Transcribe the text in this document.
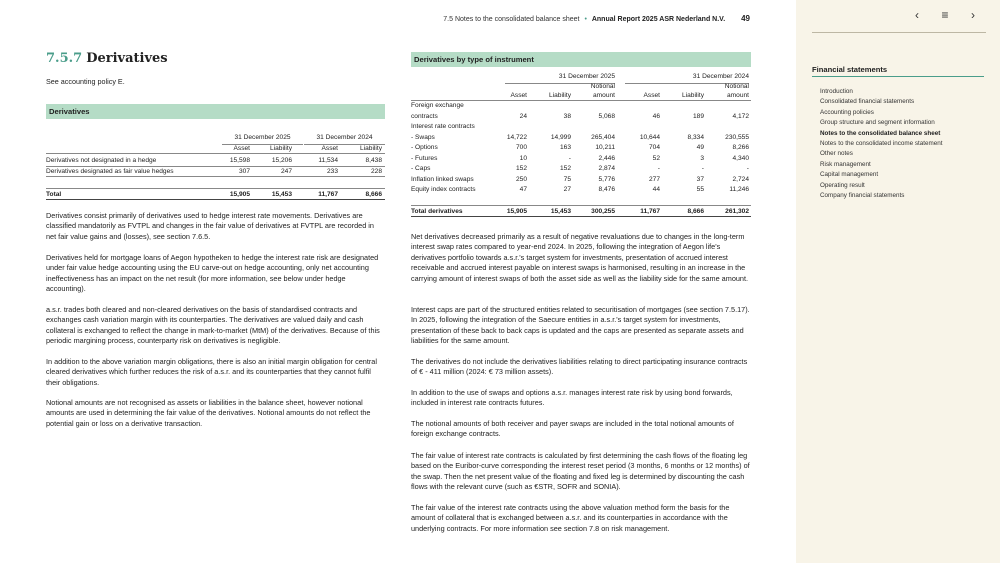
7.5 Notes to the consolidated balance sheet • Annual Report 2025 ASR Nederland N.V. 49
7.5.7 Derivatives
See accounting policy E.
Derivatives
31 December 2025	31 December 2024
Asset	Liability	Asset	Liability
Derivatives not designated in a hedge	15,598	15,206	11,534	8,438
Derivatives designated as fair value hedges	307	247	233	228
Total	15,905	15,453	11,767	8,666
Derivatives consist primarily of derivatives used to hedge interest rate movements. Derivatives are classified mandatorily as FVTPL and changes in the fair value of derivatives at FVTPL are recorded in net fair value gains and (losses), see section 7.6.5.
Derivatives held for mortgage loans of Aegon hypotheken to hedge the interest rate risk are designated under fair value hedge accounting using the EU carve-out on hedge accounting, only net accounting ineffectiveness has an impact on the net result (for more information, see below under hedge accounting).
a.s.r. trades both cleared and non-cleared derivatives on the basis of standardised contracts and exchanges cash variation margin with its counterparties. The derivatives are valued daily and cash collateral is exchanged to reflect the change in mark-to-market (MtM) of the derivatives. Because of this periodic margining process, counterparty risk on derivatives is negligible.
In addition to the above variation margin obligations, there is also an initial margin obligation for central cleared derivatives which further reduces the risk of a.s.r. and its counterparties that they cannot fulfil their obligations.
Notional amounts are not recognised as assets or liabilities in the balance sheet, however notional amounts are used in determining the fair value of the derivatives. Notional amounts do not reflect the potential gain or loss on a derivative transaction.
Derivatives by type of instrument
31 December 2025	31 December 2024
Notional	Notional
Asset	Liability	amount	Asset	Liability	amount
Foreign exchange
contracts	24	38	5,068	46	189	4,172
Interest rate contracts
- Swaps	14,722	14,999	265,404	10,644	8,334	230,555
- Options	700	163	10,211	704	49	8,266
- Futures	10	-	2,446	52	3	4,340
- Caps	152	152	2,874	-	-	-
Inflation linked swaps	250	75	5,776	277	37	2,724
Equity index contracts	47	27	8,476	44	55	11,246
Total derivatives	15,905	15,453	300,255	11,767	8,666	261,302
Net derivatives decreased primarily as a result of negative revaluations due to changes in the long-term interest swap rates compared to year-end 2024. In 2025, following the integration of Aegon life's derivatives portfolio towards a.s.r.'s target system for investments, presentation of accrued interest receivable and accrued interest payable on interest swaps is harmonised, resulting in an increase in the carrying amount of interest swaps of both the asset side as well as the liability side for the same amount.
Interest caps are part of the structured entities related to securitisation of mortgages (see section 7.5.17). In 2025, following the integration of the Saecure entities in a.s.r.'s target system for investments, presentation of these back to back caps is updated and the caps are presented as separate assets and liabilities for the same amount.
The derivatives do not include the derivatives liabilities relating to direct participating insurance contracts of € - 411 million (2024: € 73 million assets).
In addition to the use of swaps and options a.s.r. manages interest rate risk by using bond forwards, included in interest rate contracts futures.
The notional amounts of both receiver and payer swaps are included in the total notional amounts of foreign exchange contracts.
The fair value of interest rate contracts is calculated by first determining the cash flows of the floating leg based on the Euribor-curve corresponding the interest reset period (3 months, 6 months or 12 months) of the swap. Then the net present value of the floating and fixed leg is determined by discounting the cash flows with the relevant curve (such as €STR, SOFR and SONIA).
The fair value of the interest rate contracts using the above valuation method form the basis for the amount of collateral that is exchanged between a.s.r. and its counterparties in accordance with the underlying contracts. For more information see section 7.8 on risk management.
‹	≡	›
Financial statements
Introduction
Consolidated financial statements
Accounting policies
Group structure and segment information
Notes to the consolidated balance sheet
Notes to the consolidated income statement
Other notes
Risk management
Capital management
Operating result
Company financial statements
